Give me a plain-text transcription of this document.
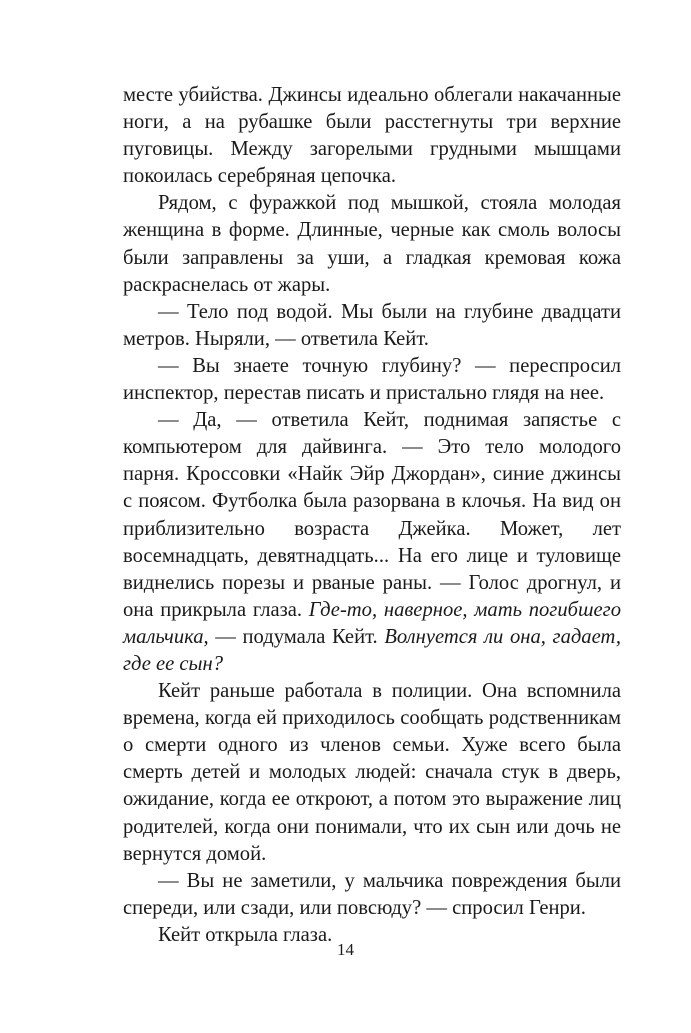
месте убийства. Джинсы идеально облегали накачанные ноги, а на рубашке были расстегнуты три верхние пуговицы. Между загорелыми грудными мышцами покоилась серебряная цепочка.

Рядом, с фуражкой под мышкой, стояла молодая женщина в форме. Длинные, черные как смоль волосы были заправлены за уши, а гладкая кремовая кожа раскраснелась от жары.

— Тело под водой. Мы были на глубине двадцати метров. Ныряли, — ответила Кейт.

— Вы знаете точную глубину? — переспросил инспектор, перестав писать и пристально глядя на нее.

— Да, — ответила Кейт, поднимая запястье с компьютером для дайвинга. — Это тело молодого парня. Кроссовки «Найк Эйр Джордан», синие джинсы с поясом. Футболка была разорвана в клочья. На вид он приблизительно возраста Джейка. Может, лет восемнадцать, девятнадцать... На его лице и туловище виднелись порезы и рваные раны. — Голос дрогнул, и она прикрыла глаза. Где-то, наверное, мать погибшего мальчика, — подумала Кейт. Волнуется ли она, гадает, где ее сын?

Кейт раньше работала в полиции. Она вспомнила времена, когда ей приходилось сообщать родственникам о смерти одного из членов семьи. Хуже всего была смерть детей и молодых людей: сначала стук в дверь, ожидание, когда ее откроют, а потом это выражение лиц родителей, когда они понимали, что их сын или дочь не вернутся домой.

— Вы не заметили, у мальчика повреждения были спереди, или сзади, или повсюду? — спросил Генри.

Кейт открыла глаза.

14
